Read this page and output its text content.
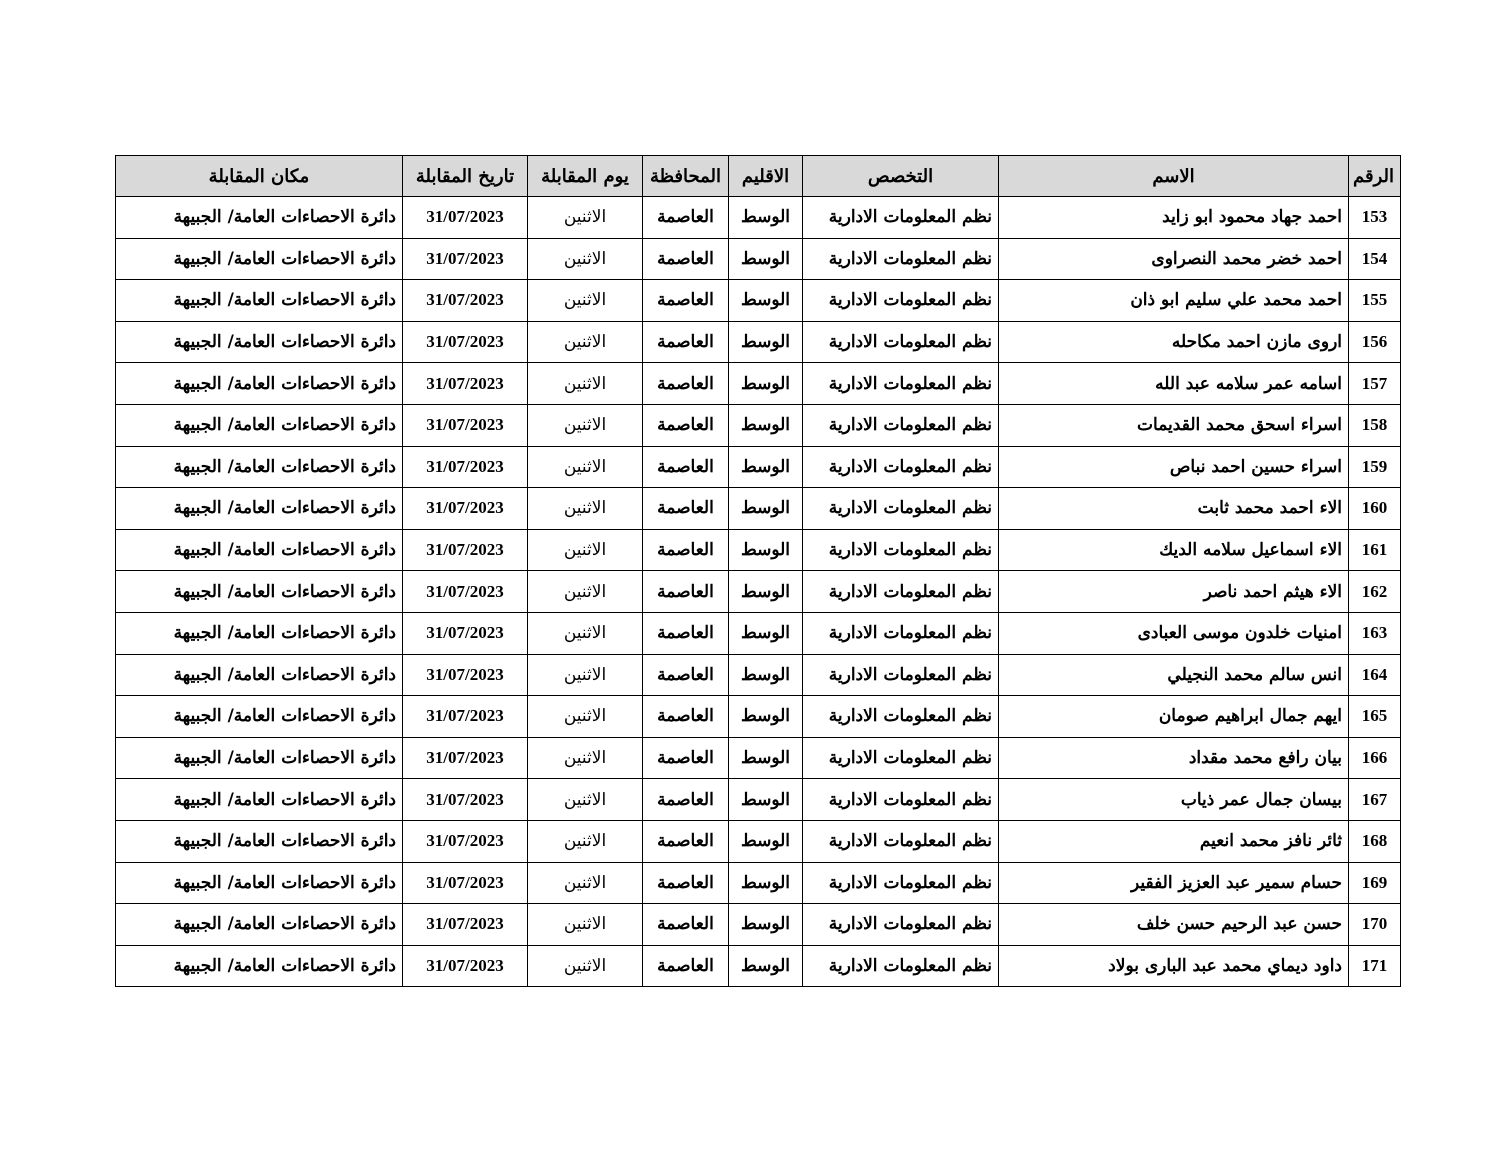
الرقم	الاسم	التخصص	الاقليم	المحافظة	يوم المقابلة	تاريخ المقابلة	مكان المقابلة
153	احمد جهاد محمود ابو زايد	نظم المعلومات الادارية	الوسط	العاصمة	الاثنين	31/07/2023	دائرة الاحصاءات العامة/ الجبيهة
154	احمد خضر محمد النصراوى	نظم المعلومات الادارية	الوسط	العاصمة	الاثنين	31/07/2023	دائرة الاحصاءات العامة/ الجبيهة
155	احمد محمد علي سليم ابو ذان	نظم المعلومات الادارية	الوسط	العاصمة	الاثنين	31/07/2023	دائرة الاحصاءات العامة/ الجبيهة
156	اروى مازن احمد مكاحله	نظم المعلومات الادارية	الوسط	العاصمة	الاثنين	31/07/2023	دائرة الاحصاءات العامة/ الجبيهة
157	اسامه عمر سلامه عبد الله	نظم المعلومات الادارية	الوسط	العاصمة	الاثنين	31/07/2023	دائرة الاحصاءات العامة/ الجبيهة
158	اسراء اسحق محمد القديمات	نظم المعلومات الادارية	الوسط	العاصمة	الاثنين	31/07/2023	دائرة الاحصاءات العامة/ الجبيهة
159	اسراء حسين احمد نباص	نظم المعلومات الادارية	الوسط	العاصمة	الاثنين	31/07/2023	دائرة الاحصاءات العامة/ الجبيهة
160	الاء احمد محمد ثابت	نظم المعلومات الادارية	الوسط	العاصمة	الاثنين	31/07/2023	دائرة الاحصاءات العامة/ الجبيهة
161	الاء اسماعيل سلامه الديك	نظم المعلومات الادارية	الوسط	العاصمة	الاثنين	31/07/2023	دائرة الاحصاءات العامة/ الجبيهة
162	الاء هيثم احمد ناصر	نظم المعلومات الادارية	الوسط	العاصمة	الاثنين	31/07/2023	دائرة الاحصاءات العامة/ الجبيهة
163	امنيات خلدون موسى العبادى	نظم المعلومات الادارية	الوسط	العاصمة	الاثنين	31/07/2023	دائرة الاحصاءات العامة/ الجبيهة
164	انس سالم محمد النجيلي	نظم المعلومات الادارية	الوسط	العاصمة	الاثنين	31/07/2023	دائرة الاحصاءات العامة/ الجبيهة
165	ايهم جمال ابراهيم صومان	نظم المعلومات الادارية	الوسط	العاصمة	الاثنين	31/07/2023	دائرة الاحصاءات العامة/ الجبيهة
166	بيان رافع محمد مقداد	نظم المعلومات الادارية	الوسط	العاصمة	الاثنين	31/07/2023	دائرة الاحصاءات العامة/ الجبيهة
167	بيسان جمال عمر ذياب	نظم المعلومات الادارية	الوسط	العاصمة	الاثنين	31/07/2023	دائرة الاحصاءات العامة/ الجبيهة
168	ثائر نافز محمد انعيم	نظم المعلومات الادارية	الوسط	العاصمة	الاثنين	31/07/2023	دائرة الاحصاءات العامة/ الجبيهة
169	حسام سمير عبد العزيز الفقير	نظم المعلومات الادارية	الوسط	العاصمة	الاثنين	31/07/2023	دائرة الاحصاءات العامة/ الجبيهة
170	حسن عبد الرحيم حسن خلف	نظم المعلومات الادارية	الوسط	العاصمة	الاثنين	31/07/2023	دائرة الاحصاءات العامة/ الجبيهة
171	داود ديماي محمد عبد البارى بولاد	نظم المعلومات الادارية	الوسط	العاصمة	الاثنين	31/07/2023	دائرة الاحصاءات العامة/ الجبيهة
